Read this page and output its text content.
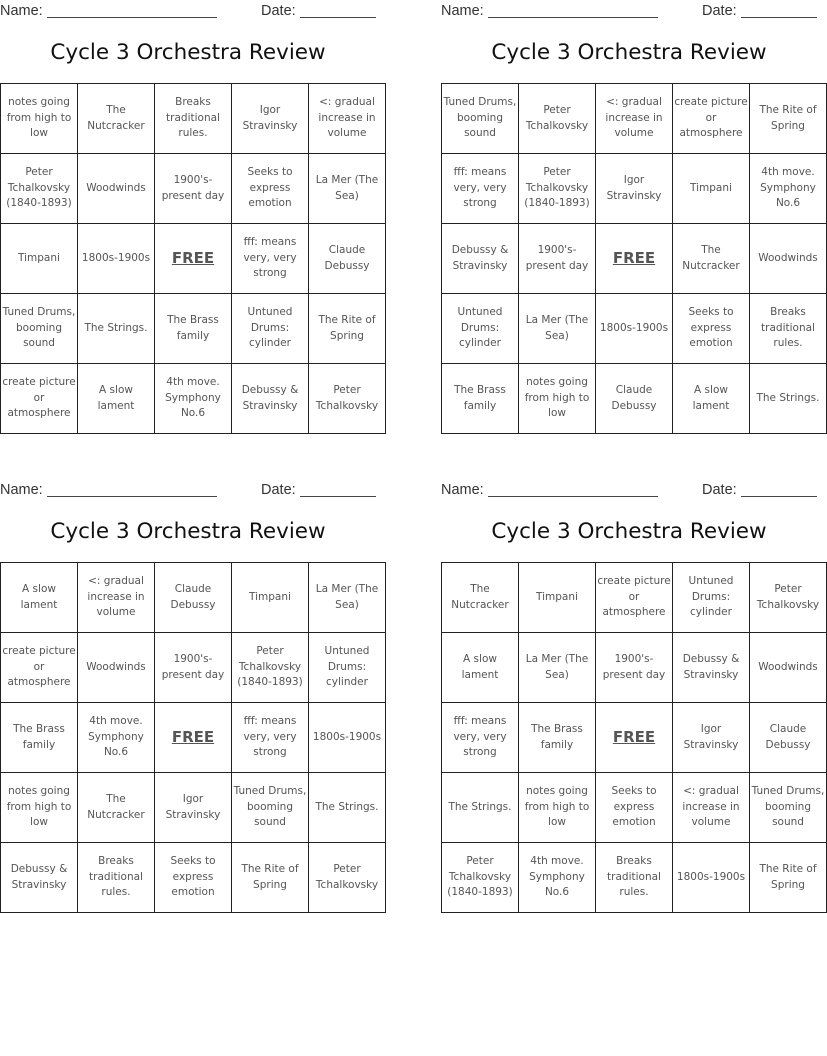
Name:	Date:
Cycle 3 Orchestra Review
notes going from high to low	The Nutcracker	Breaks traditional rules.	Igor Stravinsky	<: gradual increase in volume
Peter Tchalkovsky (1840-1893)	Woodwinds	1900's-present day	Seeks to express emotion	La Mer (The Sea)
Timpani	1800s-1900s	FREE	fff: means very, very strong	Claude Debussy
Tuned Drums, booming sound	The Strings.	The Brass family	Untuned Drums: cylinder	The Rite of Spring
create picture or atmosphere	A slow lament	4th move. Symphony No.6	Debussy & Stravinsky	Peter Tchalkovsky
Name:	Date:
Cycle 3 Orchestra Review
Tuned Drums, booming sound	Peter Tchalkovsky	<: gradual increase in volume	create picture or atmosphere	The Rite of Spring
fff: means very, very strong	Peter Tchalkovsky (1840-1893)	Igor Stravinsky	Timpani	4th move. Symphony No.6
Debussy & Stravinsky	1900's-present day	FREE	The Nutcracker	Woodwinds
Untuned Drums: cylinder	La Mer (The Sea)	1800s-1900s	Seeks to express emotion	Breaks traditional rules.
The Brass family	notes going from high to low	Claude Debussy	A slow lament	The Strings.
Name:	Date:
Cycle 3 Orchestra Review
A slow lament	<: gradual increase in volume	Claude Debussy	Timpani	La Mer (The Sea)
create picture or atmosphere	Woodwinds	1900's-present day	Peter Tchalkovsky (1840-1893)	Untuned Drums: cylinder
The Brass family	4th move. Symphony No.6	FREE	fff: means very, very strong	1800s-1900s
notes going from high to low	The Nutcracker	Igor Stravinsky	Tuned Drums, booming sound	The Strings.
Debussy & Stravinsky	Breaks traditional rules.	Seeks to express emotion	The Rite of Spring	Peter Tchalkovsky
Name:	Date:
Cycle 3 Orchestra Review
The Nutcracker	Timpani	create picture or atmosphere	Untuned Drums: cylinder	Peter Tchalkovsky
A slow lament	La Mer (The Sea)	1900's-present day	Debussy & Stravinsky	Woodwinds
fff: means very, very strong	The Brass family	FREE	Igor Stravinsky	Claude Debussy
The Strings.	notes going from high to low	Seeks to express emotion	<: gradual increase in volume	Tuned Drums, booming sound
Peter Tchalkovsky (1840-1893)	4th move. Symphony No.6	Breaks traditional rules.	1800s-1900s	The Rite of Spring
